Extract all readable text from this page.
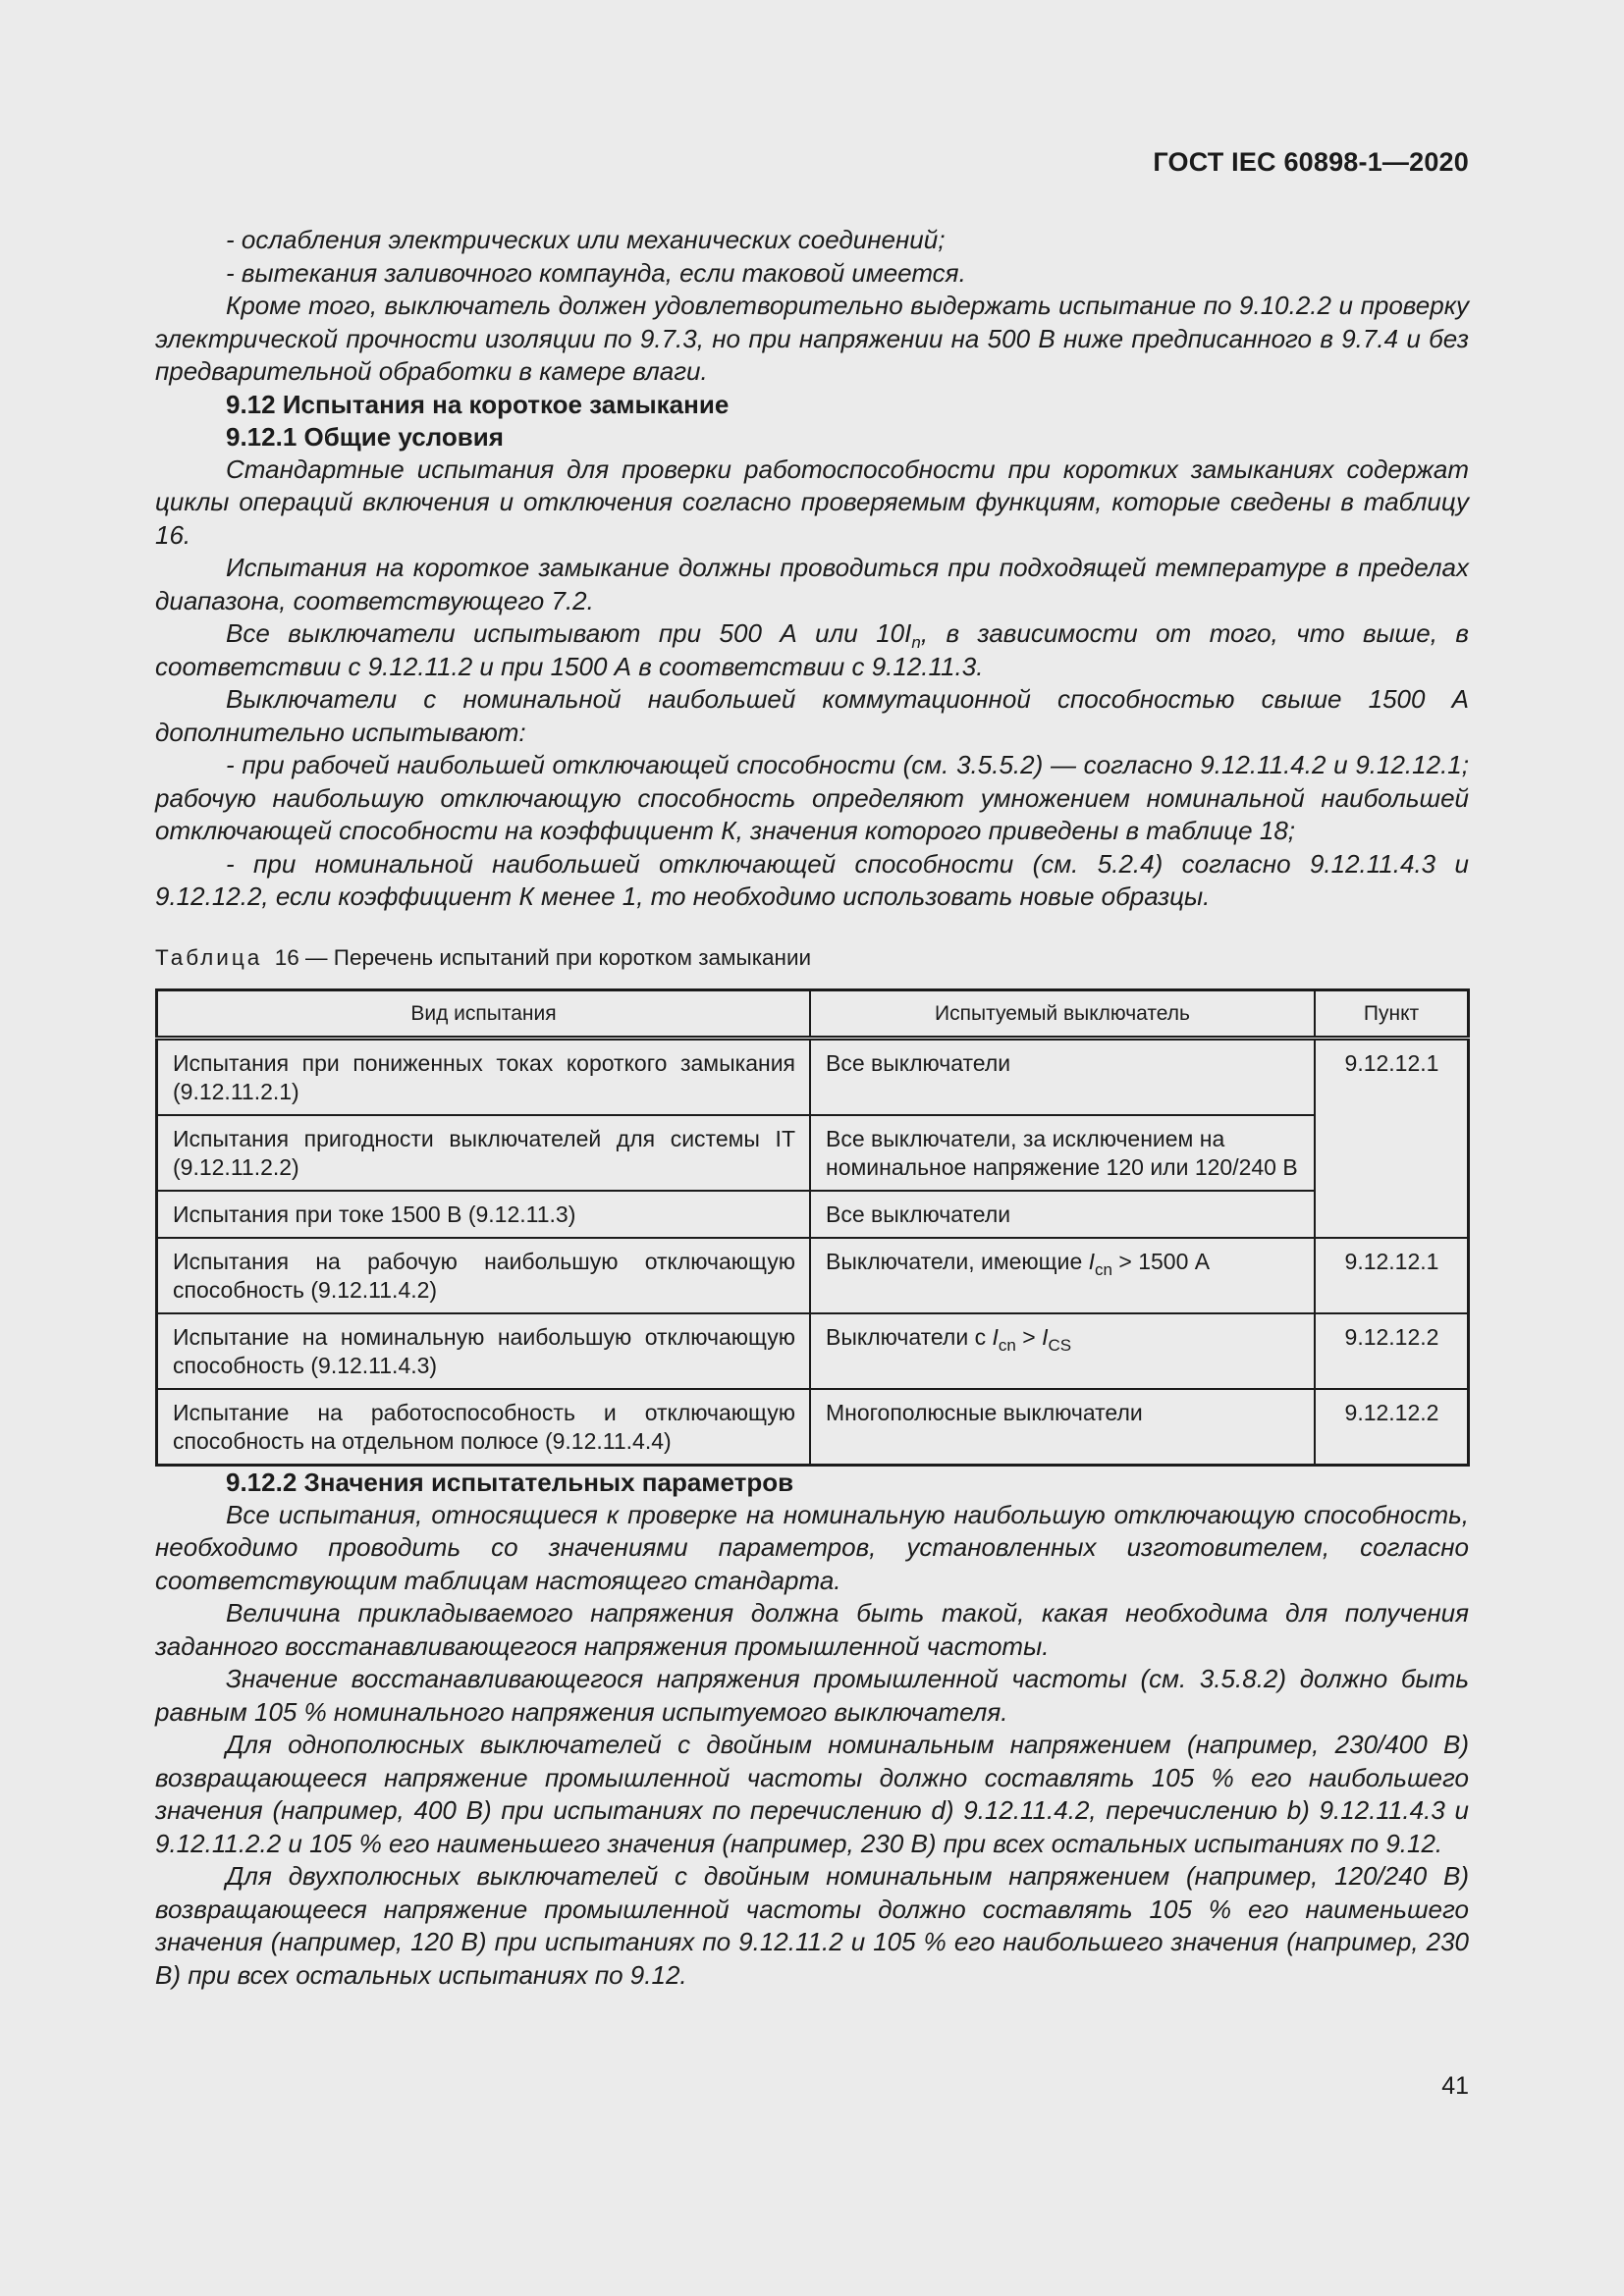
ГОСТ IEC 60898-1—2020

- ослабления электрических или механических соединений;

- вытекания заливочного компаунда, если таковой имеется.

Кроме того, выключатель должен удовлетворительно выдержать испытание по 9.10.2.2 и проверку электрической прочности изоляции по 9.7.3, но при напряжении на 500 В ниже предписанного в 9.7.4 и без предварительной обработки в камере влаги.

9.12 Испытания на короткое замыкание
9.12.1 Общие условия

Стандартные испытания для проверки работоспособности при коротких замыканиях содержат циклы операций включения и отключения согласно проверяемым функциям, которые сведены в таблицу 16.

Испытания на короткое замыкание должны проводиться при подходящей температуре в пределах диапазона, соответствующего 7.2.

Все выключатели испытывают при 500 А или $10I_n$, в зависимости от того, что выше, в соответствии с 9.12.11.2 и при 1500 А в соответствии с 9.12.11.3.

Выключатели с номинальной наибольшей коммутационной способностью свыше 1500 А дополнительно испытывают:

- при рабочей наибольшей отключающей способности (см. 3.5.5.2) — согласно 9.12.11.4.2 и 9.12.12.1; рабочую наибольшую отключающую способность определяют умножением номинальной наибольшей отключающей способности на коэффициент К, значения которого приведены в таблице 18;

- при номинальной наибольшей отключающей способности (см. 5.2.4) согласно 9.12.11.4.3 и 9.12.12.2, если коэффициент К менее 1, то необходимо использовать новые образцы.

Таблица 16 — Перечень испытаний при коротком замыкании
Вид испытания	Испытуемый выключатель	Пункт
Испытания при пониженных токах короткого замыкания (9.12.11.2.1)	Все выключатели	9.12.12.1
Испытания пригодности выключателей для системы IT (9.12.11.2.2)	Все выключатели, за исключением на номинальное напряжение 120 или 120/240 В	
Испытания при токе 1500 В (9.12.11.3)	Все выключатели	
Испытания на рабочую наибольшую отключающую способность (9.12.11.4.2)	Выключатели, имеющие $I_{cn} > 1500$ А	9.12.12.1
Испытание на номинальную наибольшую отключающую способность (9.12.11.4.3)	Выключатели с $I_{cn} > I_{CS}$	9.12.12.2
Испытание на работоспособность и отключающую способность на отдельном полюсе (9.12.11.4.4)	Многополюсные выключатели	9.12.12.2
9.12.2 Значения испытательных параметров

Все испытания, относящиеся к проверке на номинальную наибольшую отключающую способность, необходимо проводить со значениями параметров, установленных изготовителем, согласно соответствующим таблицам настоящего стандарта.

Величина прикладываемого напряжения должна быть такой, какая необходима для получения заданного восстанавливающегося напряжения промышленной частоты.

Значение восстанавливающегося напряжения промышленной частоты (см. 3.5.8.2) должно быть равным 105 % номинального напряжения испытуемого выключателя.

Для однополюсных выключателей с двойным номинальным напряжением (например, 230/400 В) возвращающееся напряжение промышленной частоты должно составлять 105 % его наибольшего значения (например, 400 В) при испытаниях по перечислению d) 9.12.11.4.2, перечислению b) 9.12.11.4.3 и 9.12.11.2.2 и 105 % его наименьшего значения (например, 230 В) при всех остальных испытаниях по 9.12.

Для двухполюсных выключателей с двойным номинальным напряжением (например, 120/240 В) возвращающееся напряжение промышленной частоты должно составлять 105 % его наименьшего значения (например, 120 В) при испытаниях по 9.12.11.2 и 105 % его наибольшего значения (например, 230 В) при всех остальных испытаниях по 9.12.

41
